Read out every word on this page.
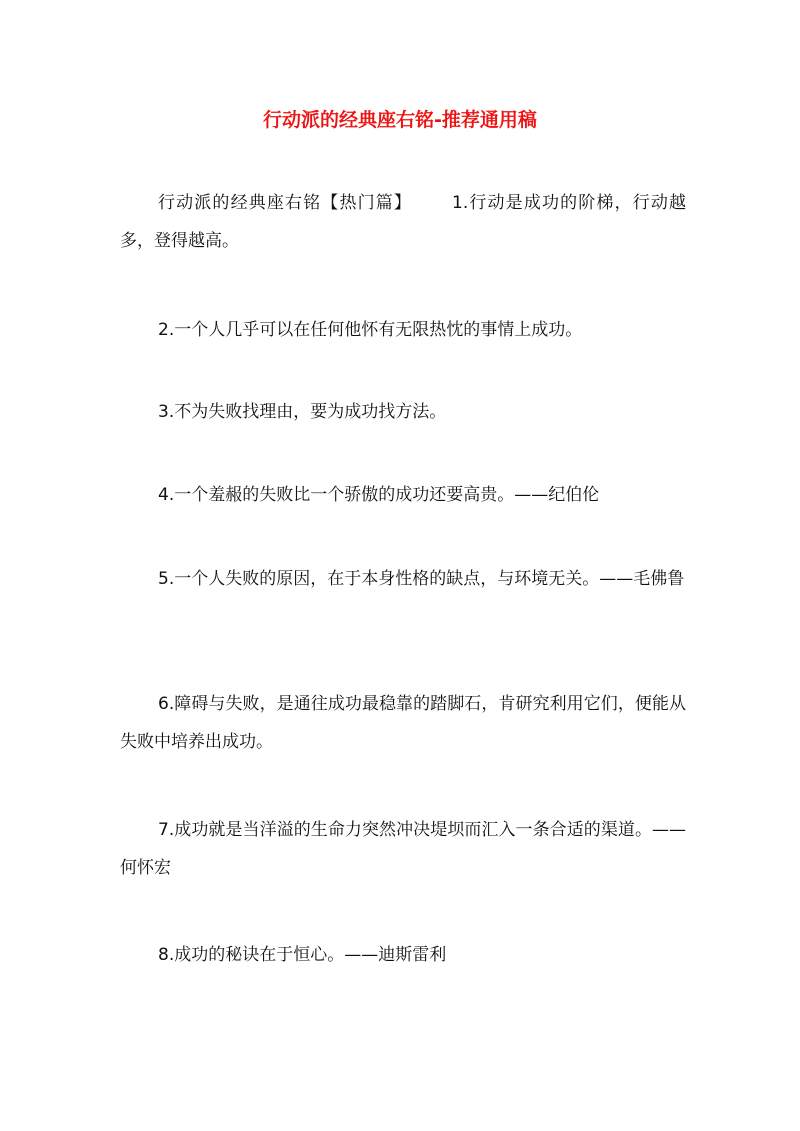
行动派的经典座右铭-推荐通用稿

行动派的经典座右铭【热门篇】 1.行动是成功的阶梯，行动越多，登得越高。

2.一个人几乎可以在任何他怀有无限热忱的事情上成功。

3.不为失败找理由，要为成功找方法。

4.一个羞赧的失败比一个骄傲的成功还要高贵。——纪伯伦

5.一个人失败的原因，在于本身性格的缺点，与环境无关。——毛佛鲁

6.障碍与失败，是通往成功最稳靠的踏脚石，肯研究利用它们，便能从失败中培养出成功。

7.成功就是当洋溢的生命力突然冲决堤坝而汇入一条合适的渠道。——何怀宏

8.成功的秘诀在于恒心。——迪斯雷利
